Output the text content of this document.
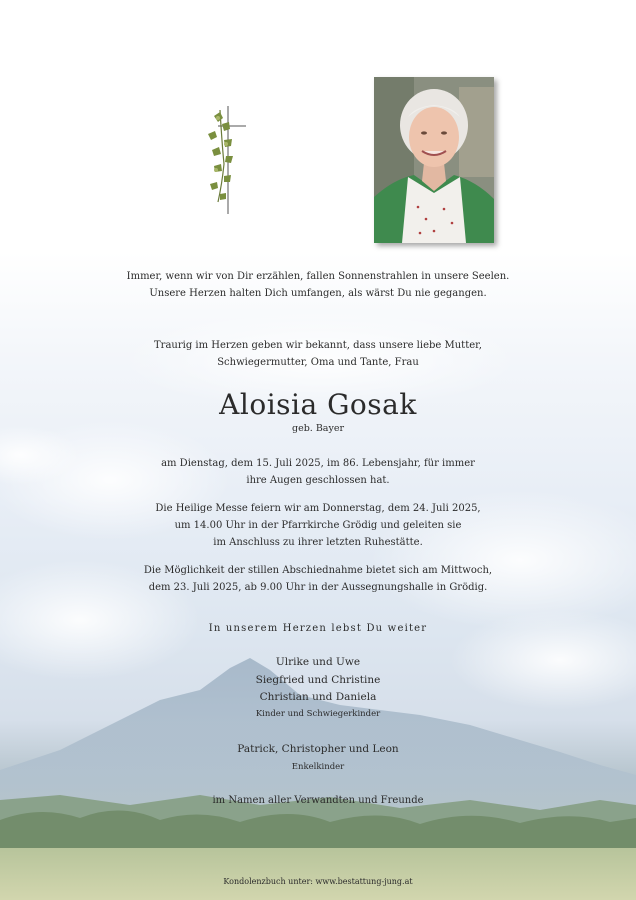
Immer, wenn wir von Dir erzählen, fallen Sonnenstrahlen in unsere Seelen.
Unsere Herzen halten Dich umfangen, als wärst Du nie gegangen.
Traurig im Herzen geben wir bekannt, dass unsere liebe Mutter,
Schwiegermutter, Oma und Tante, Frau
Aloisia Gosak
geb. Bayer
am Dienstag, dem 15. Juli 2025, im 86. Lebensjahr, für immer
ihre Augen geschlossen hat.
Die Heilige Messe feiern wir am Donnerstag, dem 24. Juli 2025,
um 14.00 Uhr in der Pfarrkirche Grödig und geleiten sie
im Anschluss zu ihrer letzten Ruhestätte.
Die Möglichkeit der stillen Abschiednahme bietet sich am Mittwoch,
dem 23. Juli 2025, ab 9.00 Uhr in der Aussegnungshalle in Grödig.
In unserem Herzen lebst Du weiter
Ulrike und Uwe
Siegfried und Christine
Christian und Daniela
Kinder und Schwiegerkinder
Patrick, Christopher und Leon
Enkelkinder
im Namen aller Verwandten und Freunde
Kondolenzbuch unter: www.bestattung-jung.at
